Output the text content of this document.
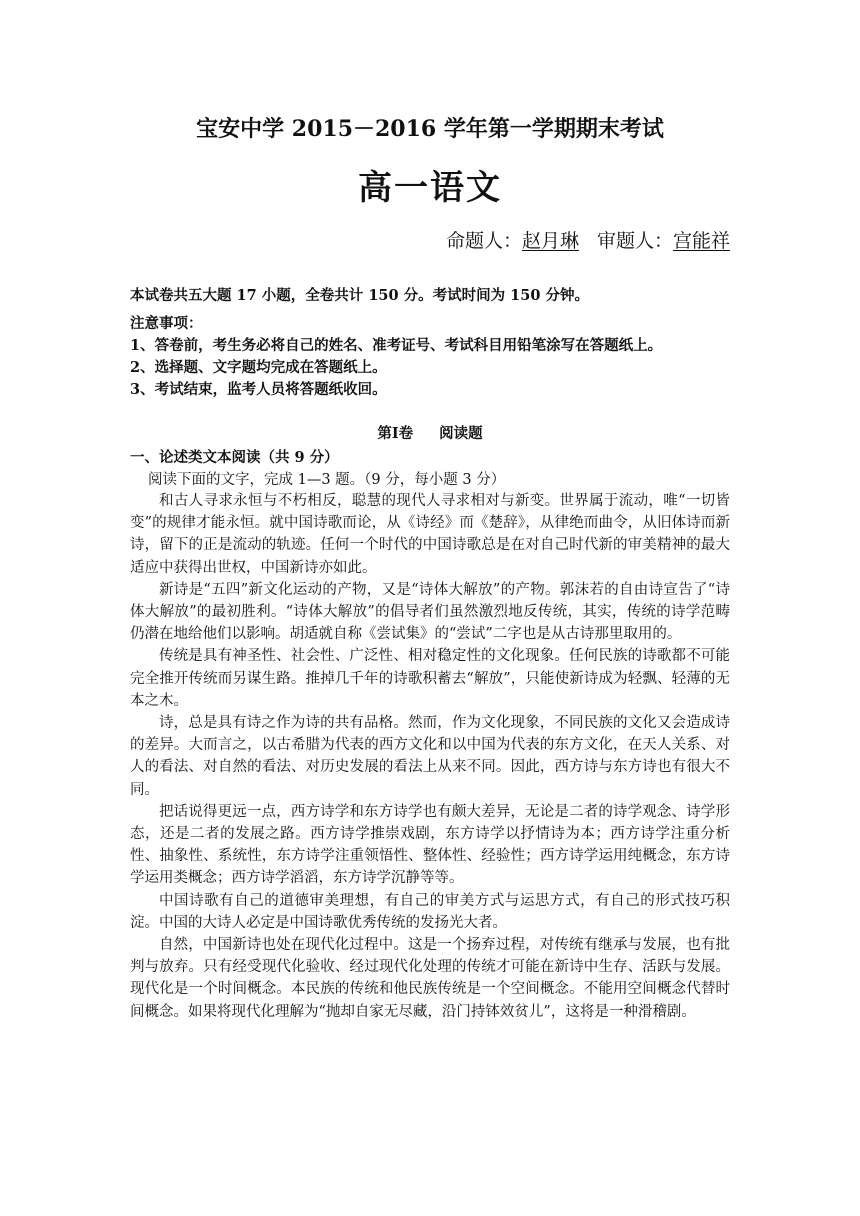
宝安中学 2015－2016 学年第一学期期末考试
高一语文
命题人：赵月琳 审题人：宫能祥
本试卷共五大题 17 小题，全卷共计 150 分。考试时间为 150 分钟。
注意事项：
1、答卷前，考生务必将自己的姓名、准考证号、考试科目用铅笔涂写在答题纸上。
2、选择题、文字题均完成在答题纸上。
3、考试结束，监考人员将答题纸收回。
第Ⅰ卷 阅读题
一、论述类文本阅读（共 9 分）
阅读下面的文字，完成 1—3 题。（9 分，每小题 3 分）

和古人寻求永恒与不朽相反，聪慧的现代人寻求相对与新变。世界属于流动，唯“一切皆变”的规律才能永恒。就中国诗歌而论，从《诗经》而《楚辞》，从律绝而曲令，从旧体诗而新诗，留下的正是流动的轨迹。任何一个时代的中国诗歌总是在对自己时代新的审美精神的最大适应中获得出世权，中国新诗亦如此。

新诗是“五四”新文化运动的产物，又是“诗体大解放”的产物。郭沫若的自由诗宣告了“诗体大解放”的最初胜利。“诗体大解放”的倡导者们虽然激烈地反传统，其实，传统的诗学范畴仍潜在地给他们以影响。胡适就自称《尝试集》的“尝试”二字也是从古诗那里取用的。

传统是具有神圣性、社会性、广泛性、相对稳定性的文化现象。任何民族的诗歌都不可能完全推开传统而另谋生路。推掉几千年的诗歌积蓄去“解放”，只能使新诗成为轻飘、轻薄的无本之木。

诗，总是具有诗之作为诗的共有品格。然而，作为文化现象，不同民族的文化又会造成诗的差异。大而言之，以古希腊为代表的西方文化和以中国为代表的东方文化，在天人关系、对人的看法、对自然的看法、对历史发展的看法上从来不同。因此，西方诗与东方诗也有很大不同。

把话说得更远一点，西方诗学和东方诗学也有颇大差异，无论是二者的诗学观念、诗学形态，还是二者的发展之路。西方诗学推崇戏剧，东方诗学以抒情诗为本；西方诗学注重分析性、抽象性、系统性，东方诗学注重领悟性、整体性、经验性；西方诗学运用纯概念，东方诗学运用类概念；西方诗学滔滔，东方诗学沉静等等。

中国诗歌有自己的道德审美理想，有自己的审美方式与运思方式，有自己的形式技巧积淀。中国的大诗人必定是中国诗歌优秀传统的发扬光大者。

自然，中国新诗也处在现代化过程中。这是一个扬弃过程，对传统有继承与发展，也有批判与放弃。只有经受现代化验收、经过现代化处理的传统才可能在新诗中生存、活跃与发展。现代化是一个时间概念。本民族的传统和他民族传统是一个空间概念。不能用空间概念代替时间概念。如果将现代化理解为“抛却自家无尽藏，沿门持钵效贫儿”，这将是一种滑稽剧。
